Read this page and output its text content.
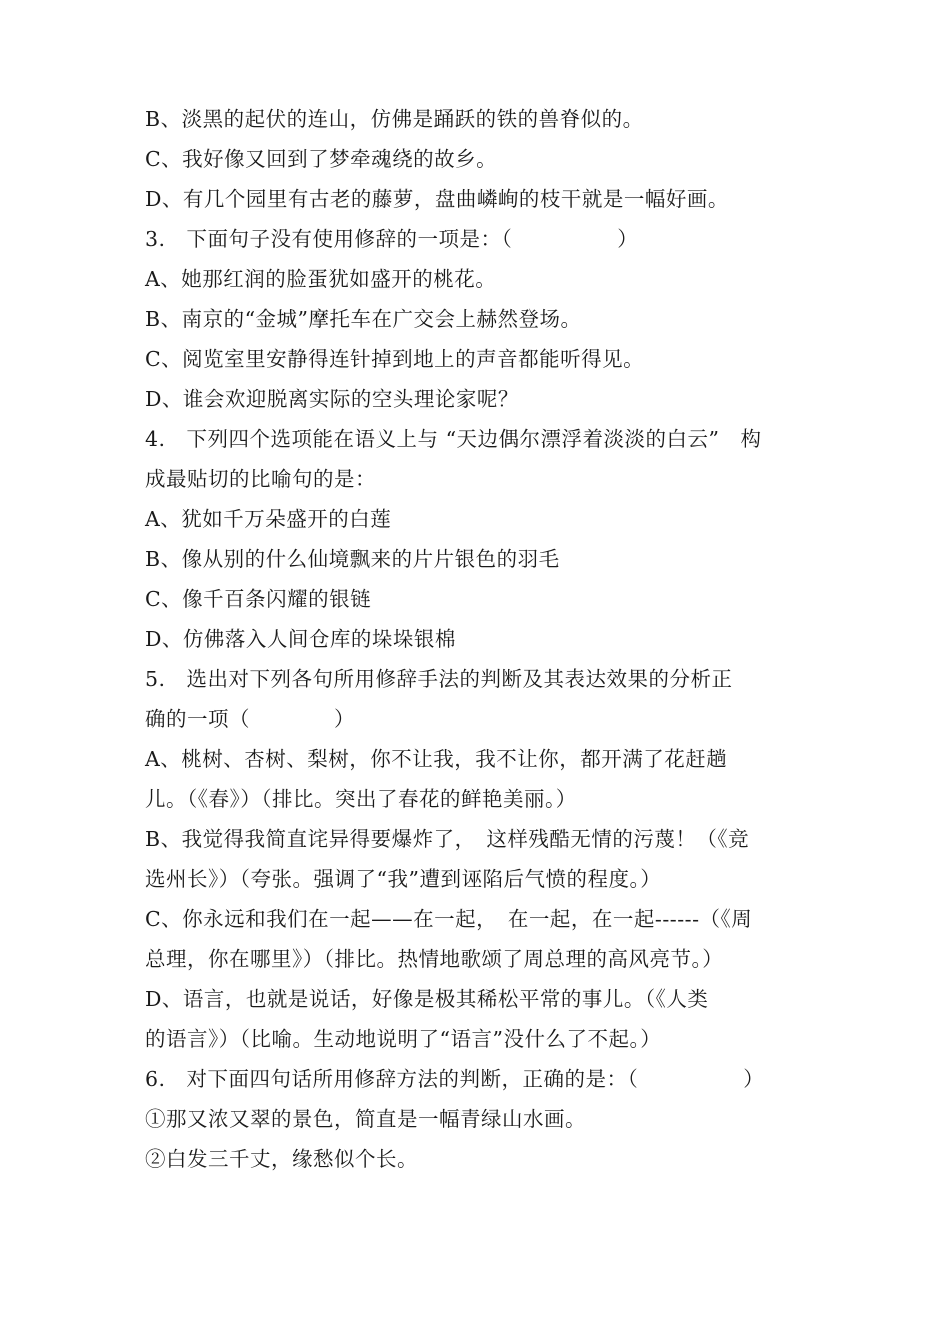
B、淡黑的起伏的连山，仿佛是踊跃的铁的兽脊似的。
C、我好像又回到了梦牵魂绕的故乡。
D、有几个园里有古老的藤萝，盘曲嶙峋的枝干就是一幅好画。
3.　下面句子没有使用修辞的一项是：（　　　　　）
A、她那红润的脸蛋犹如盛开的桃花。
B、南京的“金城”摩托车在广交会上赫然登场。
C、阅览室里安静得连针掉到地上的声音都能听得见。
D、谁会欢迎脱离实际的空头理论家呢？
4.　下列四个选项能在语义上与 “天边偶尔漂浮着淡淡的白云”　构
成最贴切的比喻句的是：
A、犹如千万朵盛开的白莲
B、像从别的什么仙境飘来的片片银色的羽毛
C、像千百条闪耀的银链
D、仿佛落入人间仓库的垛垛银棉
5.　选出对下列各句所用修辞手法的判断及其表达效果的分析正
确的一项（　　　　）
A、桃树、杏树、梨树，你不让我，我不让你，都开满了花赶趟
儿。（《春》）（排比。突出了春花的鲜艳美丽。）
B、我觉得我简直诧异得要爆炸了，　这样残酷无情的污蔑！（《竞
选州长》）（夸张。强调了“我”遭到诬陷后气愤的程度。）
C、你永远和我们在一起——在一起，　在一起，在一起------（《周
总理，你在哪里》）（排比。热情地歌颂了周总理的高风亮节。）
D、语言，也就是说话，好像是极其稀松平常的事儿。（《人类
的语言》）（比喻。生动地说明了“语言”没什么了不起。）
6.　对下面四句话所用修辞方法的判断，正确的是：（　　　　　）
①那又浓又翠的景色，简直是一幅青绿山水画。
②白发三千丈，缘愁似个长。
